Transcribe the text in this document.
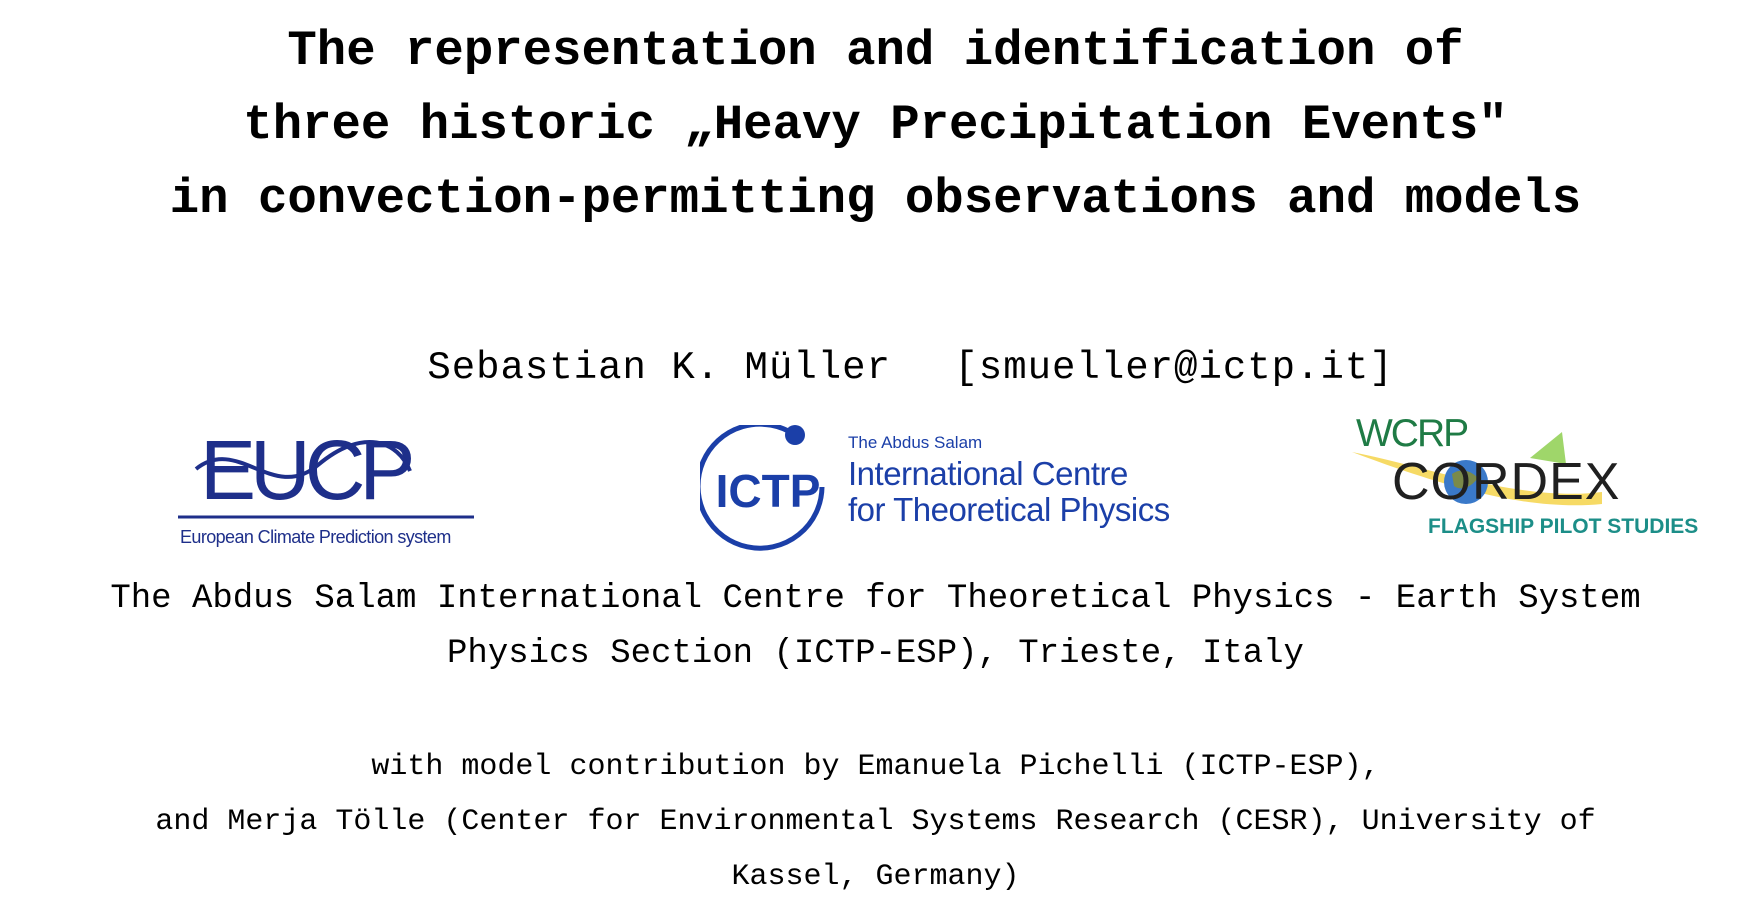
The representation and identification of
three historic „Heavy Precipitation Events"
in convection-permitting observations and models
Sebastian K. Müller [smueller@ictp.it]
EUCP
European Climate Prediction system
ICTP
The Abdus Salam
International Centre
for Theoretical Physics
WCRP
CORDEX
FLAGSHIP PILOT STUDIES
The Abdus Salam International Centre for Theoretical Physics - Earth System
Physics Section (ICTP-ESP), Trieste, Italy
with model contribution by Emanuela Pichelli (ICTP-ESP),
and Merja Tölle (Center for Environmental Systems Research (CESR), University of
Kassel, Germany)
